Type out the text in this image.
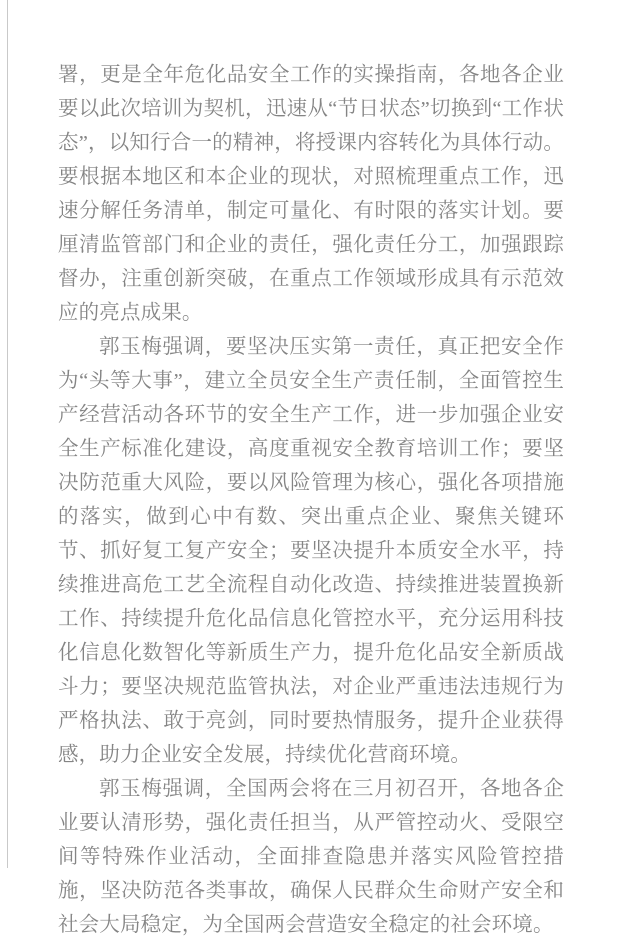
署，更是全年危化品安全工作的实操指南，各地各企业要以此次培训为契机，迅速从“节日状态”切换到“工作状态”，以知行合一的精神，将授课内容转化为具体行动。要根据本地区和本企业的现状，对照梳理重点工作，迅速分解任务清单，制定可量化、有时限的落实计划。要厘清监管部门和企业的责任，强化责任分工，加强跟踪督办，注重创新突破，在重点工作领域形成具有示范效应的亮点成果。

郭玉梅强调，要坚决压实第一责任，真正把安全作为“头等大事”，建立全员安全生产责任制，全面管控生产经营活动各环节的安全生产工作，进一步加强企业安全生产标准化建设，高度重视安全教育培训工作；要坚决防范重大风险，要以风险管理为核心，强化各项措施的落实，做到心中有数、突出重点企业、聚焦关键环节、抓好复工复产安全；要坚决提升本质安全水平，持续推进高危工艺全流程自动化改造、持续推进装置换新工作、持续提升危化品信息化管控水平，充分运用科技化信息化数智化等新质生产力，提升危化品安全新质战斗力；要坚决规范监管执法，对企业严重违法违规行为严格执法、敢于亮剑，同时要热情服务，提升企业获得感，助力企业安全发展，持续优化营商环境。

郭玉梅强调，全国两会将在三月初召开，各地各企业要认清形势，强化责任担当，从严管控动火、受限空间等特殊作业活动，全面排查隐患并落实风险管控措施，坚决防范各类事故，确保人民群众生命财产安全和社会大局稳定，为全国两会营造安全稳定的社会环境。
